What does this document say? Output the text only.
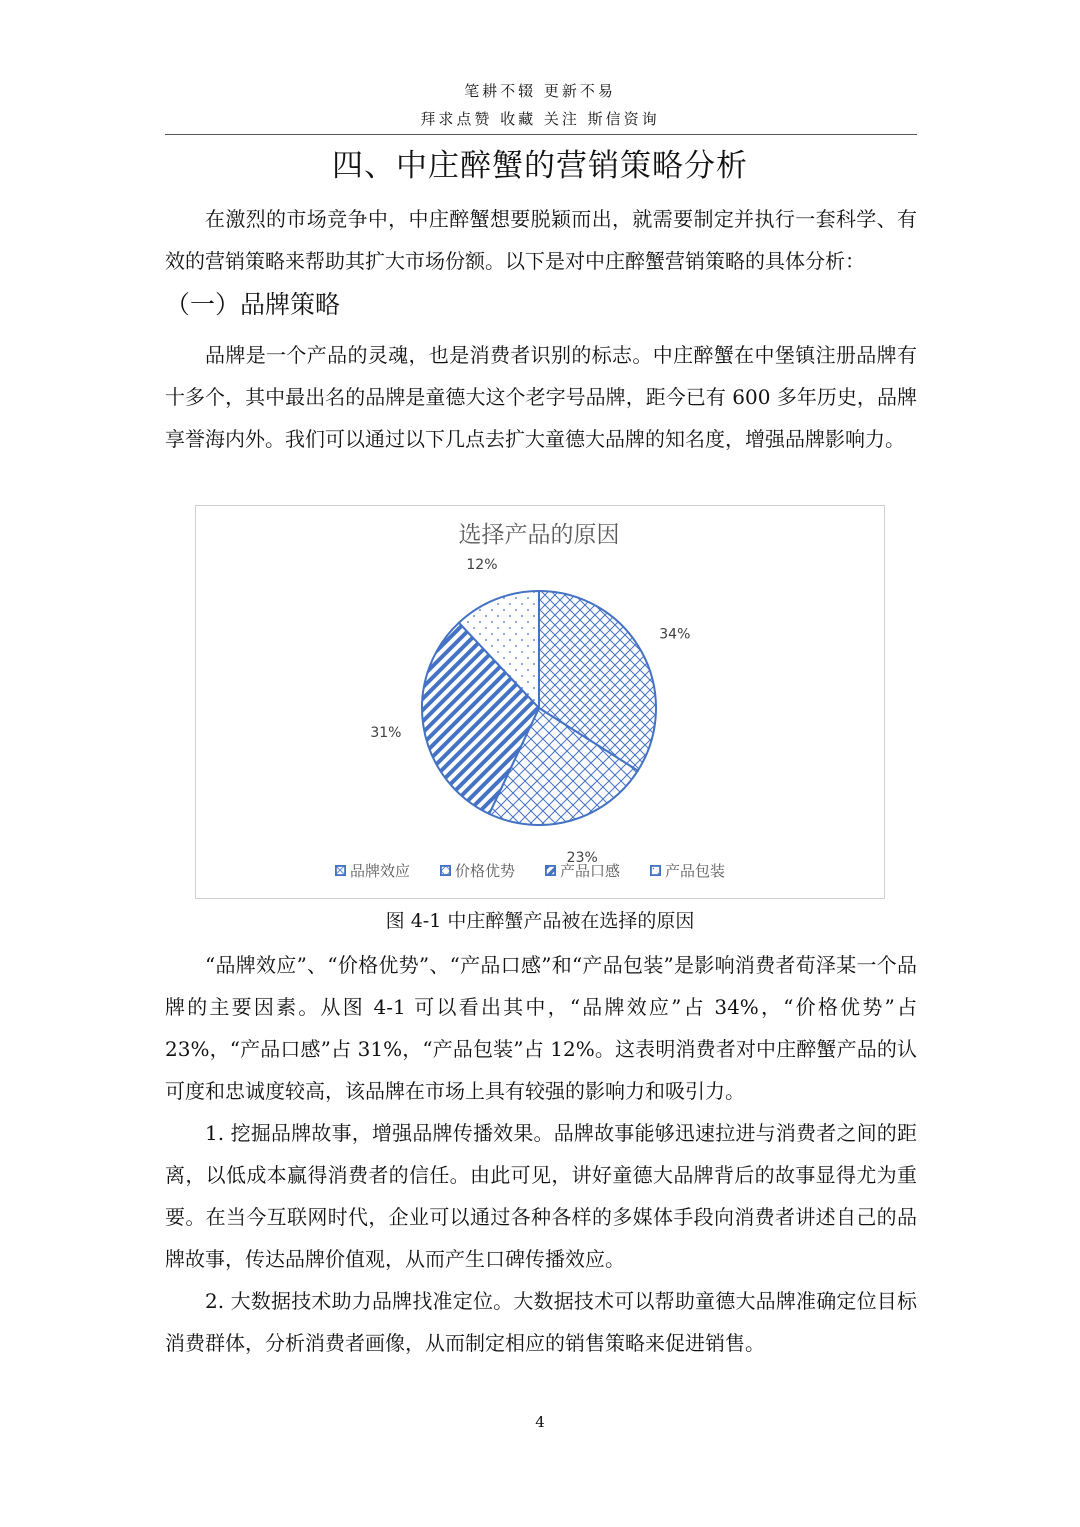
笔耕不辍 更新不易
拜求点赞 收藏 关注 斯信资询
四、中庄醉蟹的营销策略分析

在激烈的市场竞争中，中庄醉蟹想要脱颖而出，就需要制定并执行一套科学、有效的营销策略来帮助其扩大市场份额。以下是对中庄醉蟹营销策略的具体分析：

（一）品牌策略

品牌是一个产品的灵魂，也是消费者识别的标志。中庄醉蟹在中堡镇注册品牌有十多个，其中最出名的品牌是童德大这个老字号品牌，距今已有 600 多年历史，品牌享誉海内外。我们可以通过以下几点去扩大童德大品牌的知名度，增强品牌影响力。

选择产品的原因
34%
23%
31%
12%
品牌效应	价格优势	产品口感	产品包装
图 4-1 中庄醉蟹产品被在选择的原因

“品牌效应”、“价格优势”、“产品口感”和“产品包装”是影响消费者荀泽某一个品牌的主要因素。从图 4-1 可以看出其中，“品牌效应”占 34%，“价格优势”占 23%，“产品口感”占 31%，“产品包装”占 12%。这表明消费者对中庄醉蟹产品的认可度和忠诚度较高，该品牌在市场上具有较强的影响力和吸引力。

1. 挖掘品牌故事，增强品牌传播效果。品牌故事能够迅速拉进与消费者之间的距离，以低成本赢得消费者的信任。由此可见，讲好童德大品牌背后的故事显得尤为重要。在当今互联网时代，企业可以通过各种各样的多媒体手段向消费者讲述自己的品牌故事，传达品牌价值观，从而产生口碑传播效应。

2. 大数据技术助力品牌找准定位。大数据技术可以帮助童德大品牌准确定位目标消费群体，分析消费者画像，从而制定相应的销售策略来促进销售。

4
